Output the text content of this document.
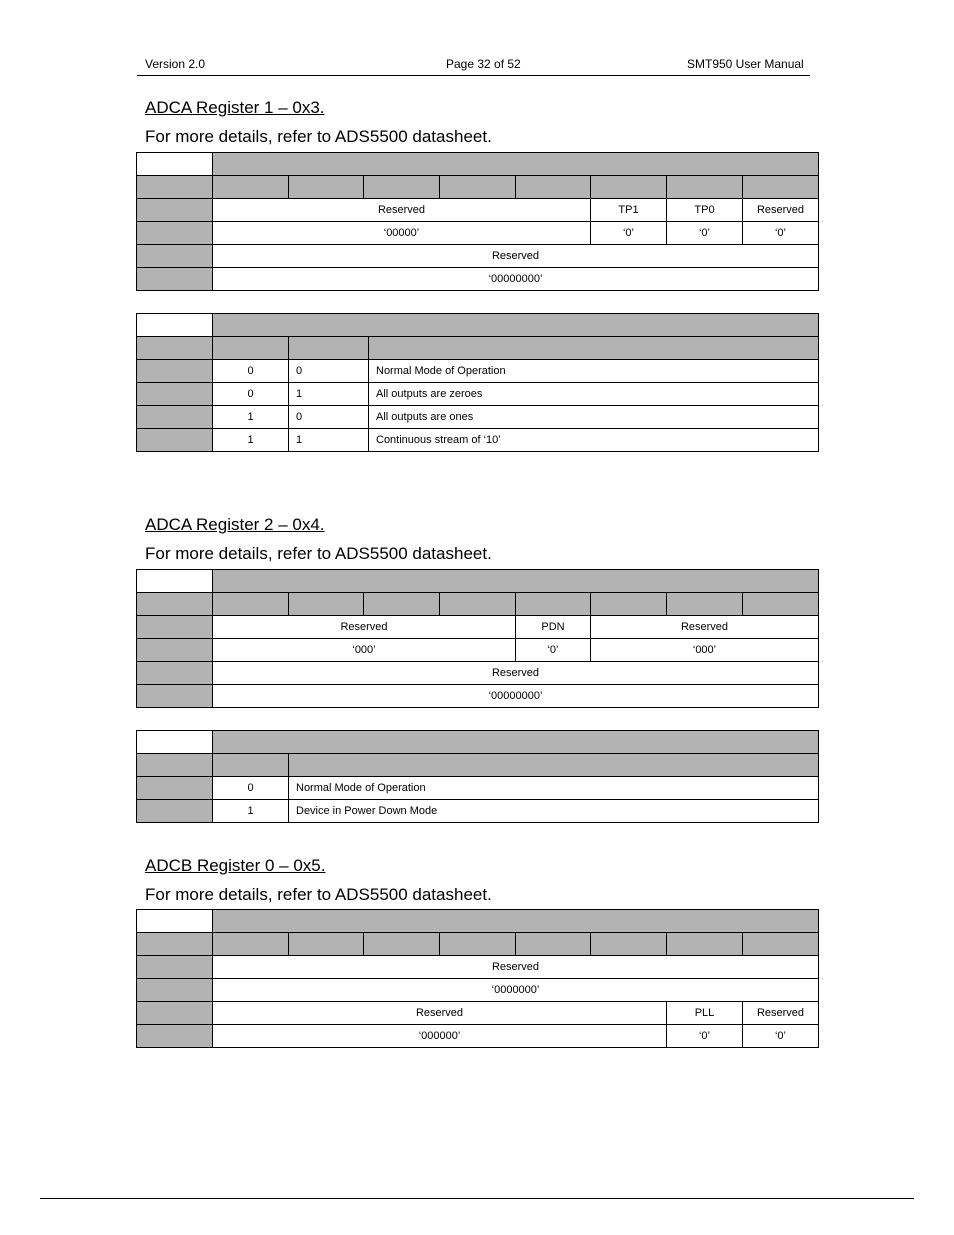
Version 2.0	Page 32 of 52	SMT950 User Manual
ADCA Register 1 – 0x3.
For more details, refer to ADS5500 datasheet.

	Reserved					TP1	TP0	Reserved
	‘00000’					‘0’	‘0’	‘0’
	Reserved							
	‘00000000’							

	0	0	Normal Mode of Operation
	0	1	All outputs are zeroes
	1	0	All outputs are ones
	1	1	Continuous stream of ‘10’
ADCA Register 2 – 0x4.
For more details, refer to ADS5500 datasheet.

	Reserved				PDN	Reserved		
	‘000’				‘0’	‘000’		
	Reserved							
	‘00000000’							

	0	Normal Mode of Operation
	1	Device in Power Down Mode
ADCB Register 0 – 0x5.
For more details, refer to ADS5500 datasheet.

	Reserved							
	‘0000000’							
	Reserved						PLL	Reserved
	‘000000’						‘0’	‘0’
